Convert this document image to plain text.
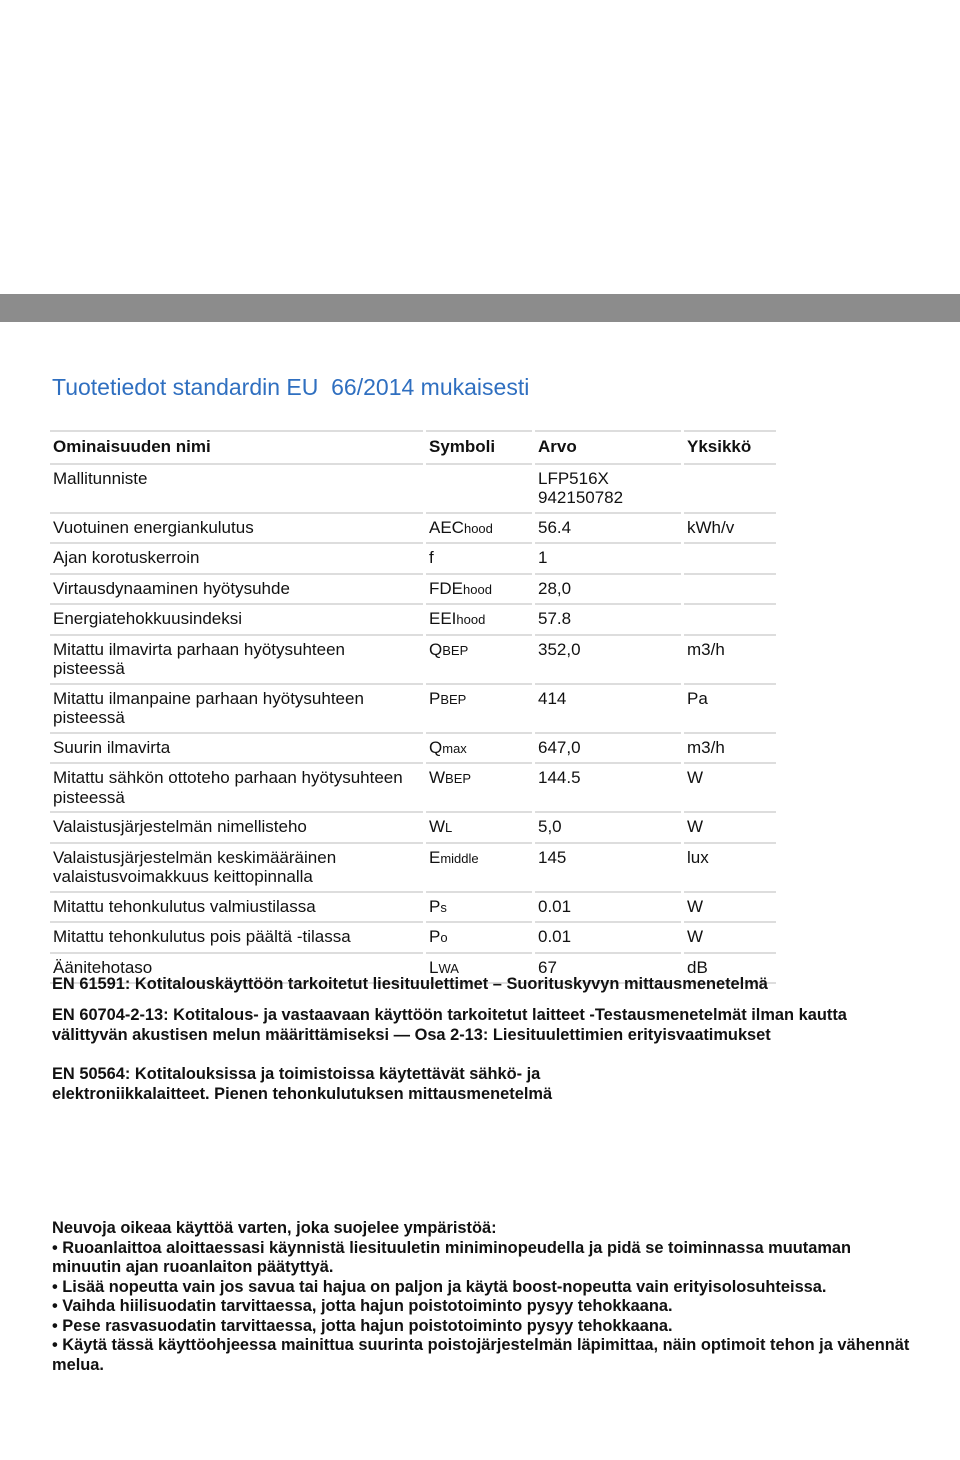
Tuotetiedot standardin EU  66/2014 mukaisesti
Ominaisuuden nimi	Symboli	Arvo	Yksikkö
Mallitunniste		LFP516X
942150782	
Vuotuinen energiankulutus	AEChood	56.4	kWh/v
Ajan korotuskerroin	f	1	
Virtausdynaaminen hyötysuhde	FDEhood	28,0	
Energiatehokkuusindeksi	EEIhood	57.8	
Mitattu ilmavirta parhaan hyötysuhteen pisteessä	QBEP	352,0	m3/h
Mitattu ilmanpaine parhaan hyötysuhteen pisteessä	PBEP	414	Pa
Suurin ilmavirta	Qmax	647,0	m3/h
Mitattu sähkön ottoteho parhaan hyötysuhteen pisteessä	WBEP	144.5	W
Valaistusjärjestelmän nimellisteho	WL	5,0	W
Valaistusjärjestelmän keskimääräinen valaistusvoimakkuus keittopinnalla	Emiddle	145	lux
Mitattu tehonkulutus valmiustilassa	Ps	0.01	W
Mitattu tehonkulutus pois päältä -tilassa	Po	0.01	W
Äänitehotaso	LWA	67	dB

EN 61591: Kotitalouskäyttöön tarkoitetut liesituulettimet – Suorituskyvyn mittausmenetelmä

EN 60704-2-13: Kotitalous- ja vastaavaan käyttöön tarkoitetut laitteet -Testausmenetelmät ilman kautta välittyvän akustisen melun määrittämiseksi — Osa 2-13: Liesituulettimien erityisvaatimukset

EN 50564: Kotitalouksissa ja toimistoissa käytettävät sähkö- ja elektroniikkalaitteet. Pienen tehonkulutuksen mittausmenetelmä

Neuvoja oikeaa käyttöä varten, joka suojelee ympäristöä:

• Ruoanlaittoa aloittaessasi käynnistä liesituuletin miniminopeudella ja pidä se toiminnassa muutaman minuutin ajan ruoanlaiton päätyttyä.

• Lisää nopeutta vain jos savua tai hajua on paljon ja käytä boost-nopeutta vain erityisolosuhteissa.

• Vaihda hiilisuodatin tarvittaessa, jotta hajun poistotoiminto pysyy tehokkaana.

• Pese rasvasuodatin tarvittaessa, jotta hajun poistotoiminto pysyy tehokkaana.

• Käytä tässä käyttöohjeessa mainittua suurinta poistojärjestelmän läpimittaa, näin optimoit tehon ja vähennät melua.
